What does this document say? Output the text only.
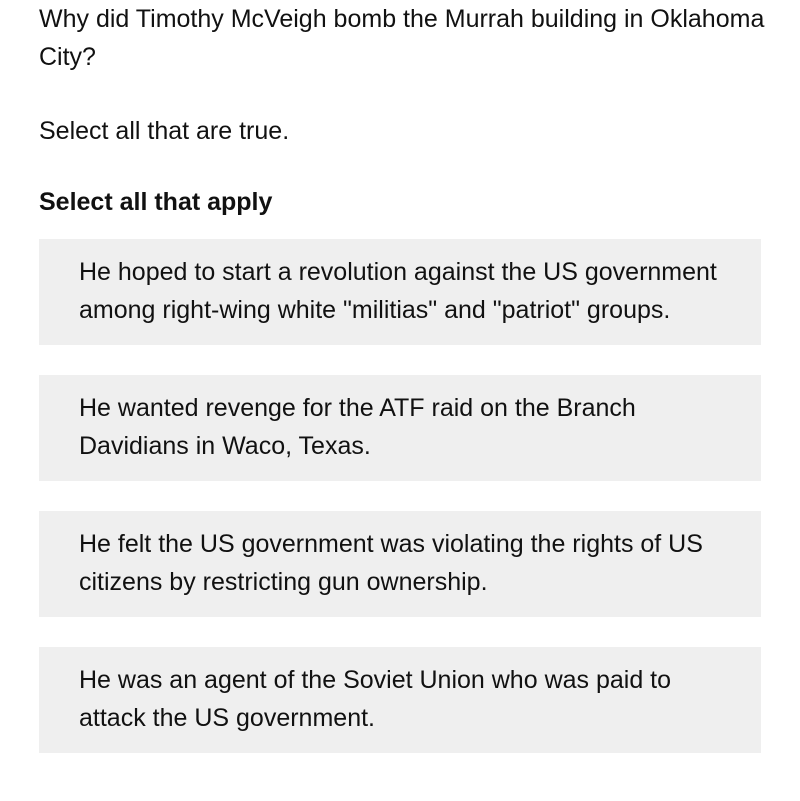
Why did Timothy McVeigh bomb the Murrah building in Oklahoma City?

Select all that are true.

Select all that apply

He hoped to start a revolution against the US government among right-wing white "militias" and "patriot" groups.
He wanted revenge for the ATF raid on the Branch Davidians in Waco, Texas.
He felt the US government was violating the rights of US citizens by restricting gun ownership.
He was an agent of the Soviet Union who was paid to attack the US government.
